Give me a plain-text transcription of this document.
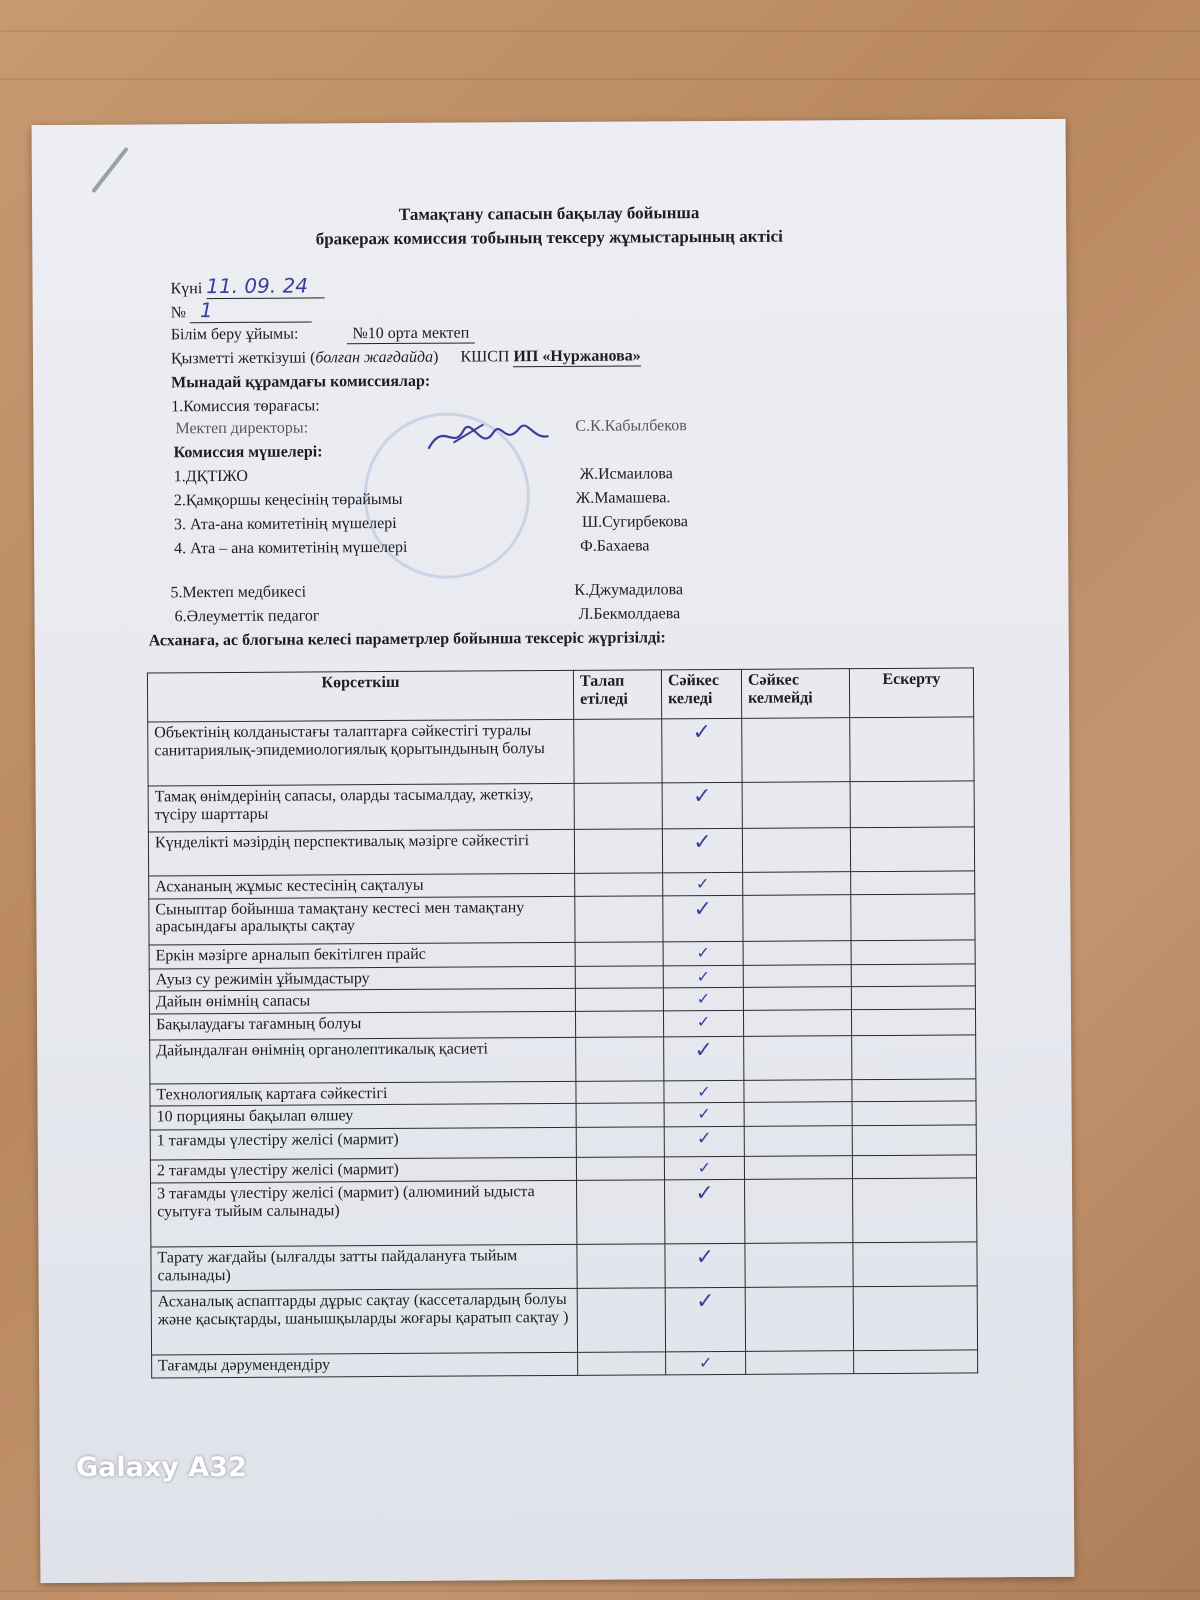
Тамақтану сапасын бақылау бойынша
бракераж комиссия тобының тексеру жұмыстарының актісі
Күні 11. 09. 24
№ 1
Білім беру ұйымы:	№10 орта мектеп
Қызметті жеткізуші (болған жағдайда) КШСП ИП «Нуржанова»
Мынадай құрамдағы комиссиялар:
1.Комиссия төрағасы:
Мектеп директоры:	С.К.Кабылбеков
Комиссия мүшелері:
1.ДҚТІЖО	Ж.Исмаилова
2.Қамқоршы кеңесінің төрайымы	Ж.Мамашева.
3. Ата-ана комитетінің мүшелері	Ш.Сугирбекова
4. Ата – ана комитетінің мүшелері	Ф.Бахаева
5.Мектеп медбикесі	К.Джумадилова
6.Әлеуметтік педагог	Л.Бекмолдаева
Асханаға, ас блогына келесі параметрлер бойынша тексеріс жүргізілді:
Көрсеткіш	Талап етіледі	Сәйкес келеді	Сәйкес келмейді	Ескерту
Объектінің колданыстағы талаптарға сәйкестігі туралы санитариялық-эпидемиологиялық қорытындының болуы		✓		
Тамақ өнімдерінің сапасы, оларды тасымалдау, жеткізу, түсіру шарттары		✓		
Күнделікті мәзірдің перспективалық мәзірге сәйкестігі		✓		
Асхананың жұмыс кестесінің сақталуы		✓		
Сыныптар бойынша тамақтану кестесі мен тамақтану арасындағы аралықты сақтау		✓		
Еркін мәзірге арналып бекітілген прайс		✓		
Ауыз су режимін ұйымдастыру		✓		
Дайын өнімнің сапасы		✓		
Бақылаудағы тағамның болуы		✓		
Дайындалған өнімнің органолептикалық қасиеті		✓		
Технологиялық картаға сәйкестігі		✓		
10 порцияны бақылап өлшеу		✓		
1 тағамды үлестіру желісі (мармит)		✓		
2 тағамды үлестіру желісі (мармит)		✓		
3 тағамды үлестіру желісі (мармит) (алюминий ыдыста суытуға тыйым салынады)		✓		
Тарату жағдайы (ылғалды затты пайдалануға тыйым салынады)		✓		
Асханалық аспаптарды дұрыс сақтау (кассеталардың болуы және қасықтарды, шанышқыларды жоғары қаратып сақтау )		✓		
Тағамды дәрумендендіру		✓		
Galaxy A32
